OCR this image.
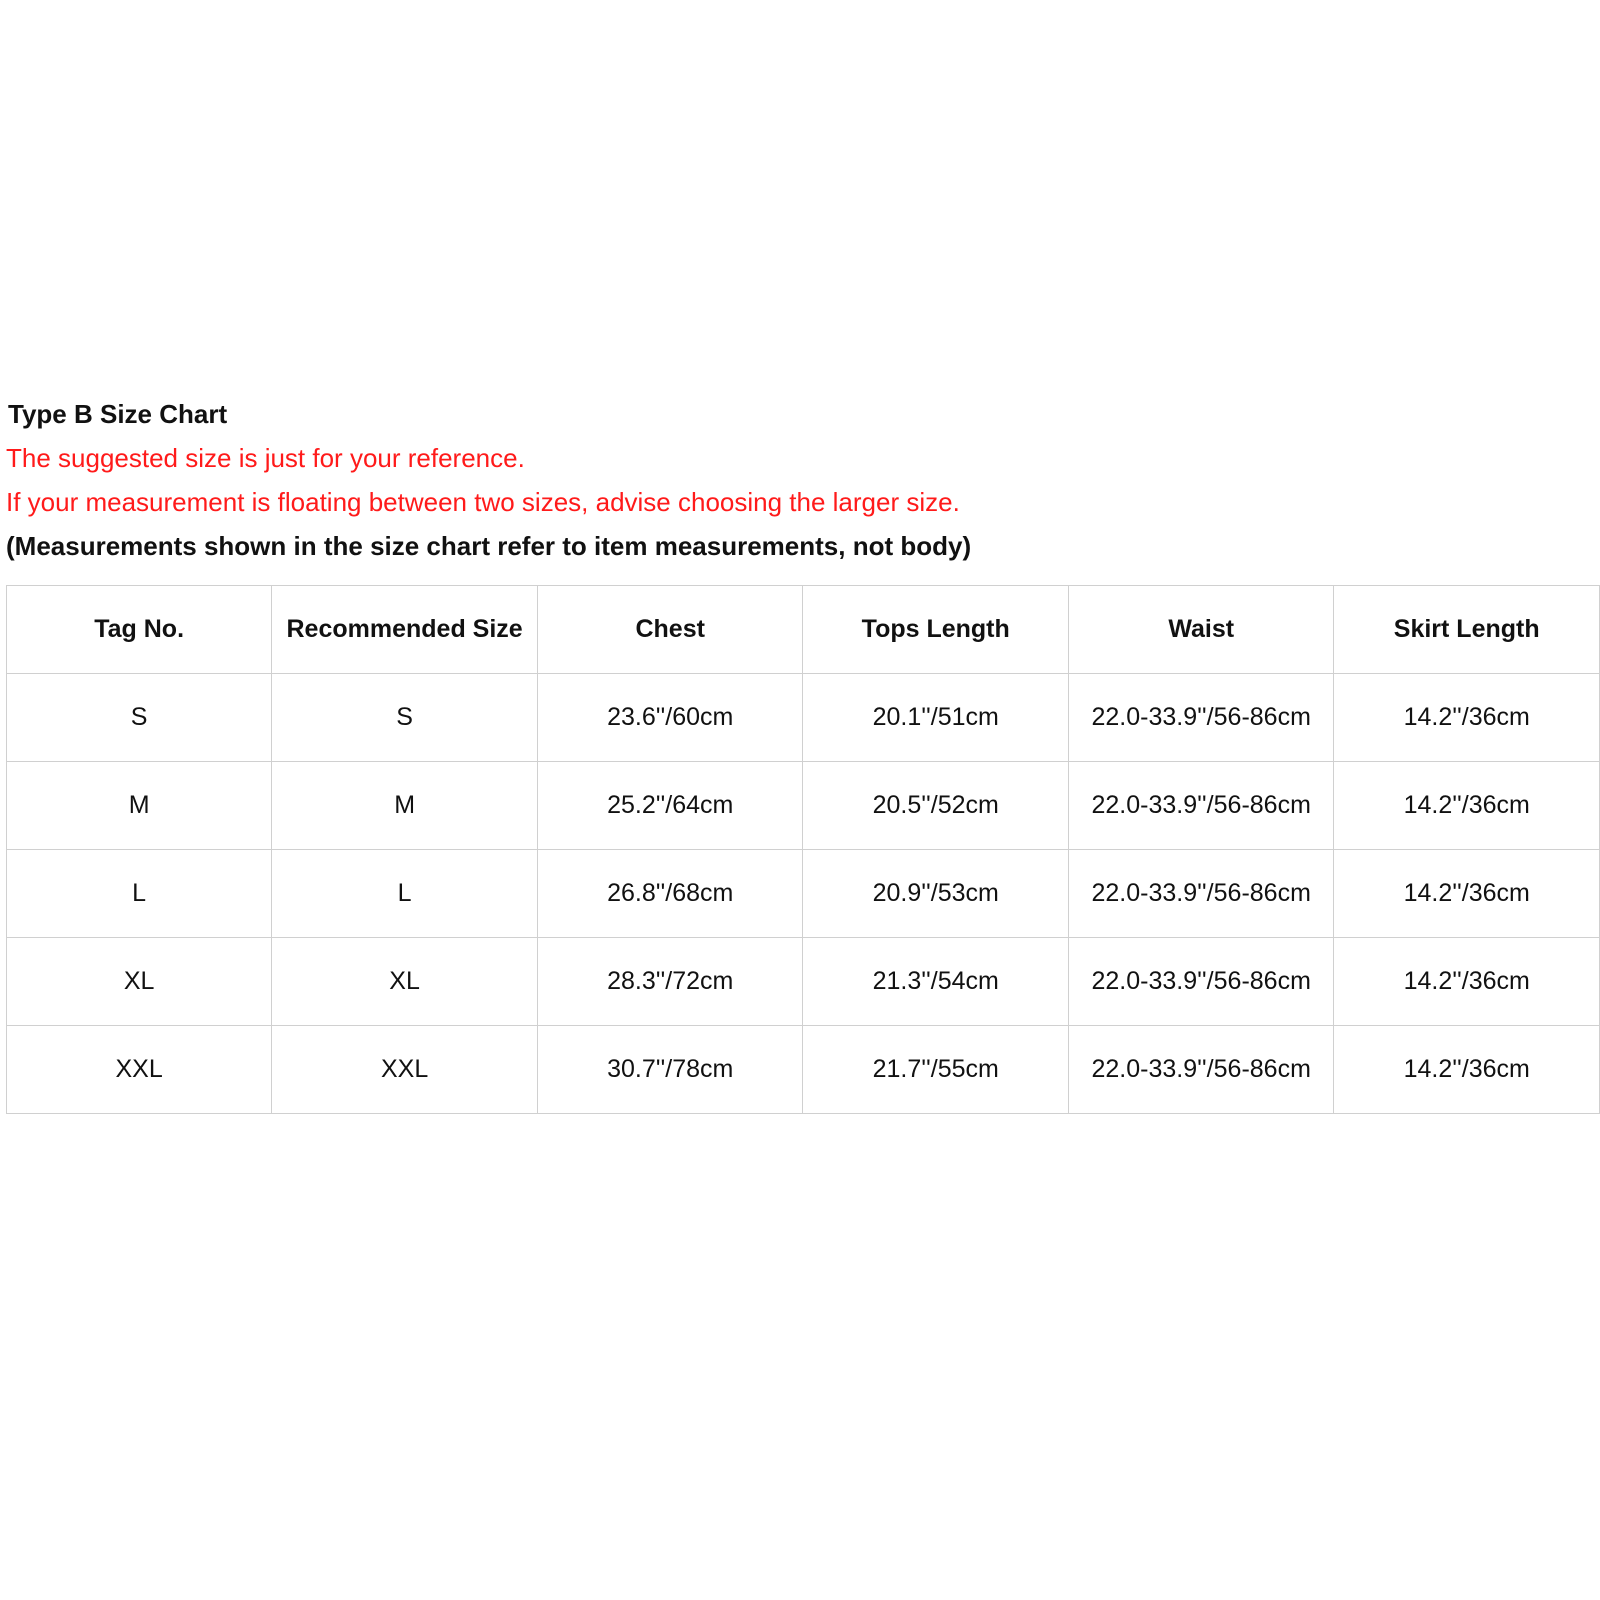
Type B Size Chart
The suggested size is just for your reference.
If your measurement is floating between two sizes, advise choosing the larger size.
(Measurements shown in the size chart refer to item measurements, not body)
Tag No.	Recommended Size	Chest	Tops Length	Waist	Skirt Length
S	S	23.6''/60cm	20.1''/51cm	22.0-33.9''/56-86cm	14.2''/36cm
M	M	25.2''/64cm	20.5''/52cm	22.0-33.9''/56-86cm	14.2''/36cm
L	L	26.8''/68cm	20.9''/53cm	22.0-33.9''/56-86cm	14.2''/36cm
XL	XL	28.3''/72cm	21.3''/54cm	22.0-33.9''/56-86cm	14.2''/36cm
XXL	XXL	30.7''/78cm	21.7''/55cm	22.0-33.9''/56-86cm	14.2''/36cm
